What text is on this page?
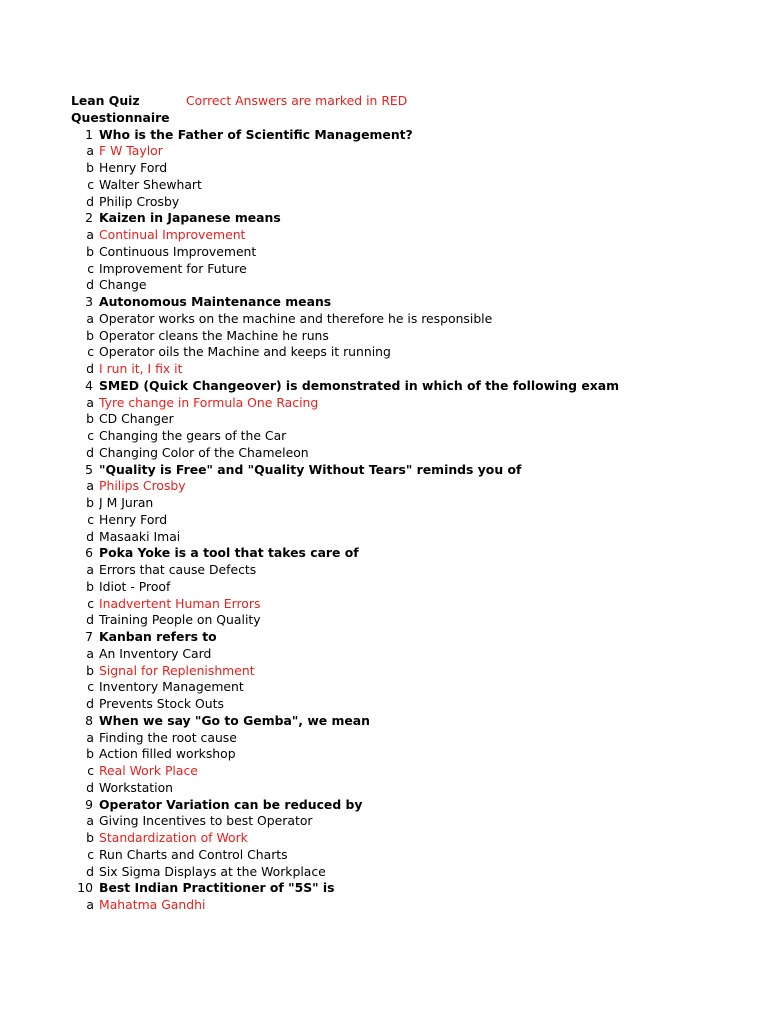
Lean Quiz	Correct Answers are marked in RED
Questionnaire
1 Who is the Father of Scientific Management?
a F W Taylor
b Henry Ford
c Walter Shewhart
d Philip Crosby
2 Kaizen in Japanese means
a Continual Improvement
b Continuous Improvement
c Improvement for Future
d Change
3 Autonomous Maintenance means
a Operator works on the machine and therefore he is responsible
b Operator cleans the Machine he runs
c Operator oils the Machine and keeps it running
d I run it, I fix it
4 SMED (Quick Changeover) is demonstrated in which of the following exam
a Tyre change in Formula One Racing
b CD Changer
c Changing the gears of the Car
d Changing Color of the Chameleon
5 "Quality is Free" and "Quality Without Tears" reminds you of
a Philips Crosby
b J M Juran
c Henry Ford
d Masaaki Imai
6 Poka Yoke is a tool that takes care of
a Errors that cause Defects
b Idiot - Proof
c Inadvertent Human Errors
d Training People on Quality
7 Kanban refers to
a An Inventory Card
b Signal for Replenishment
c Inventory Management
d Prevents Stock Outs
8 When we say "Go to Gemba", we mean
a Finding the root cause
b Action filled workshop
c Real Work Place
d Workstation
9 Operator Variation can be reduced by
a Giving Incentives to best Operator
b Standardization of Work
c Run Charts and Control Charts
d Six Sigma Displays at the Workplace
10 Best Indian Practitioner of "5S" is
a Mahatma Gandhi
